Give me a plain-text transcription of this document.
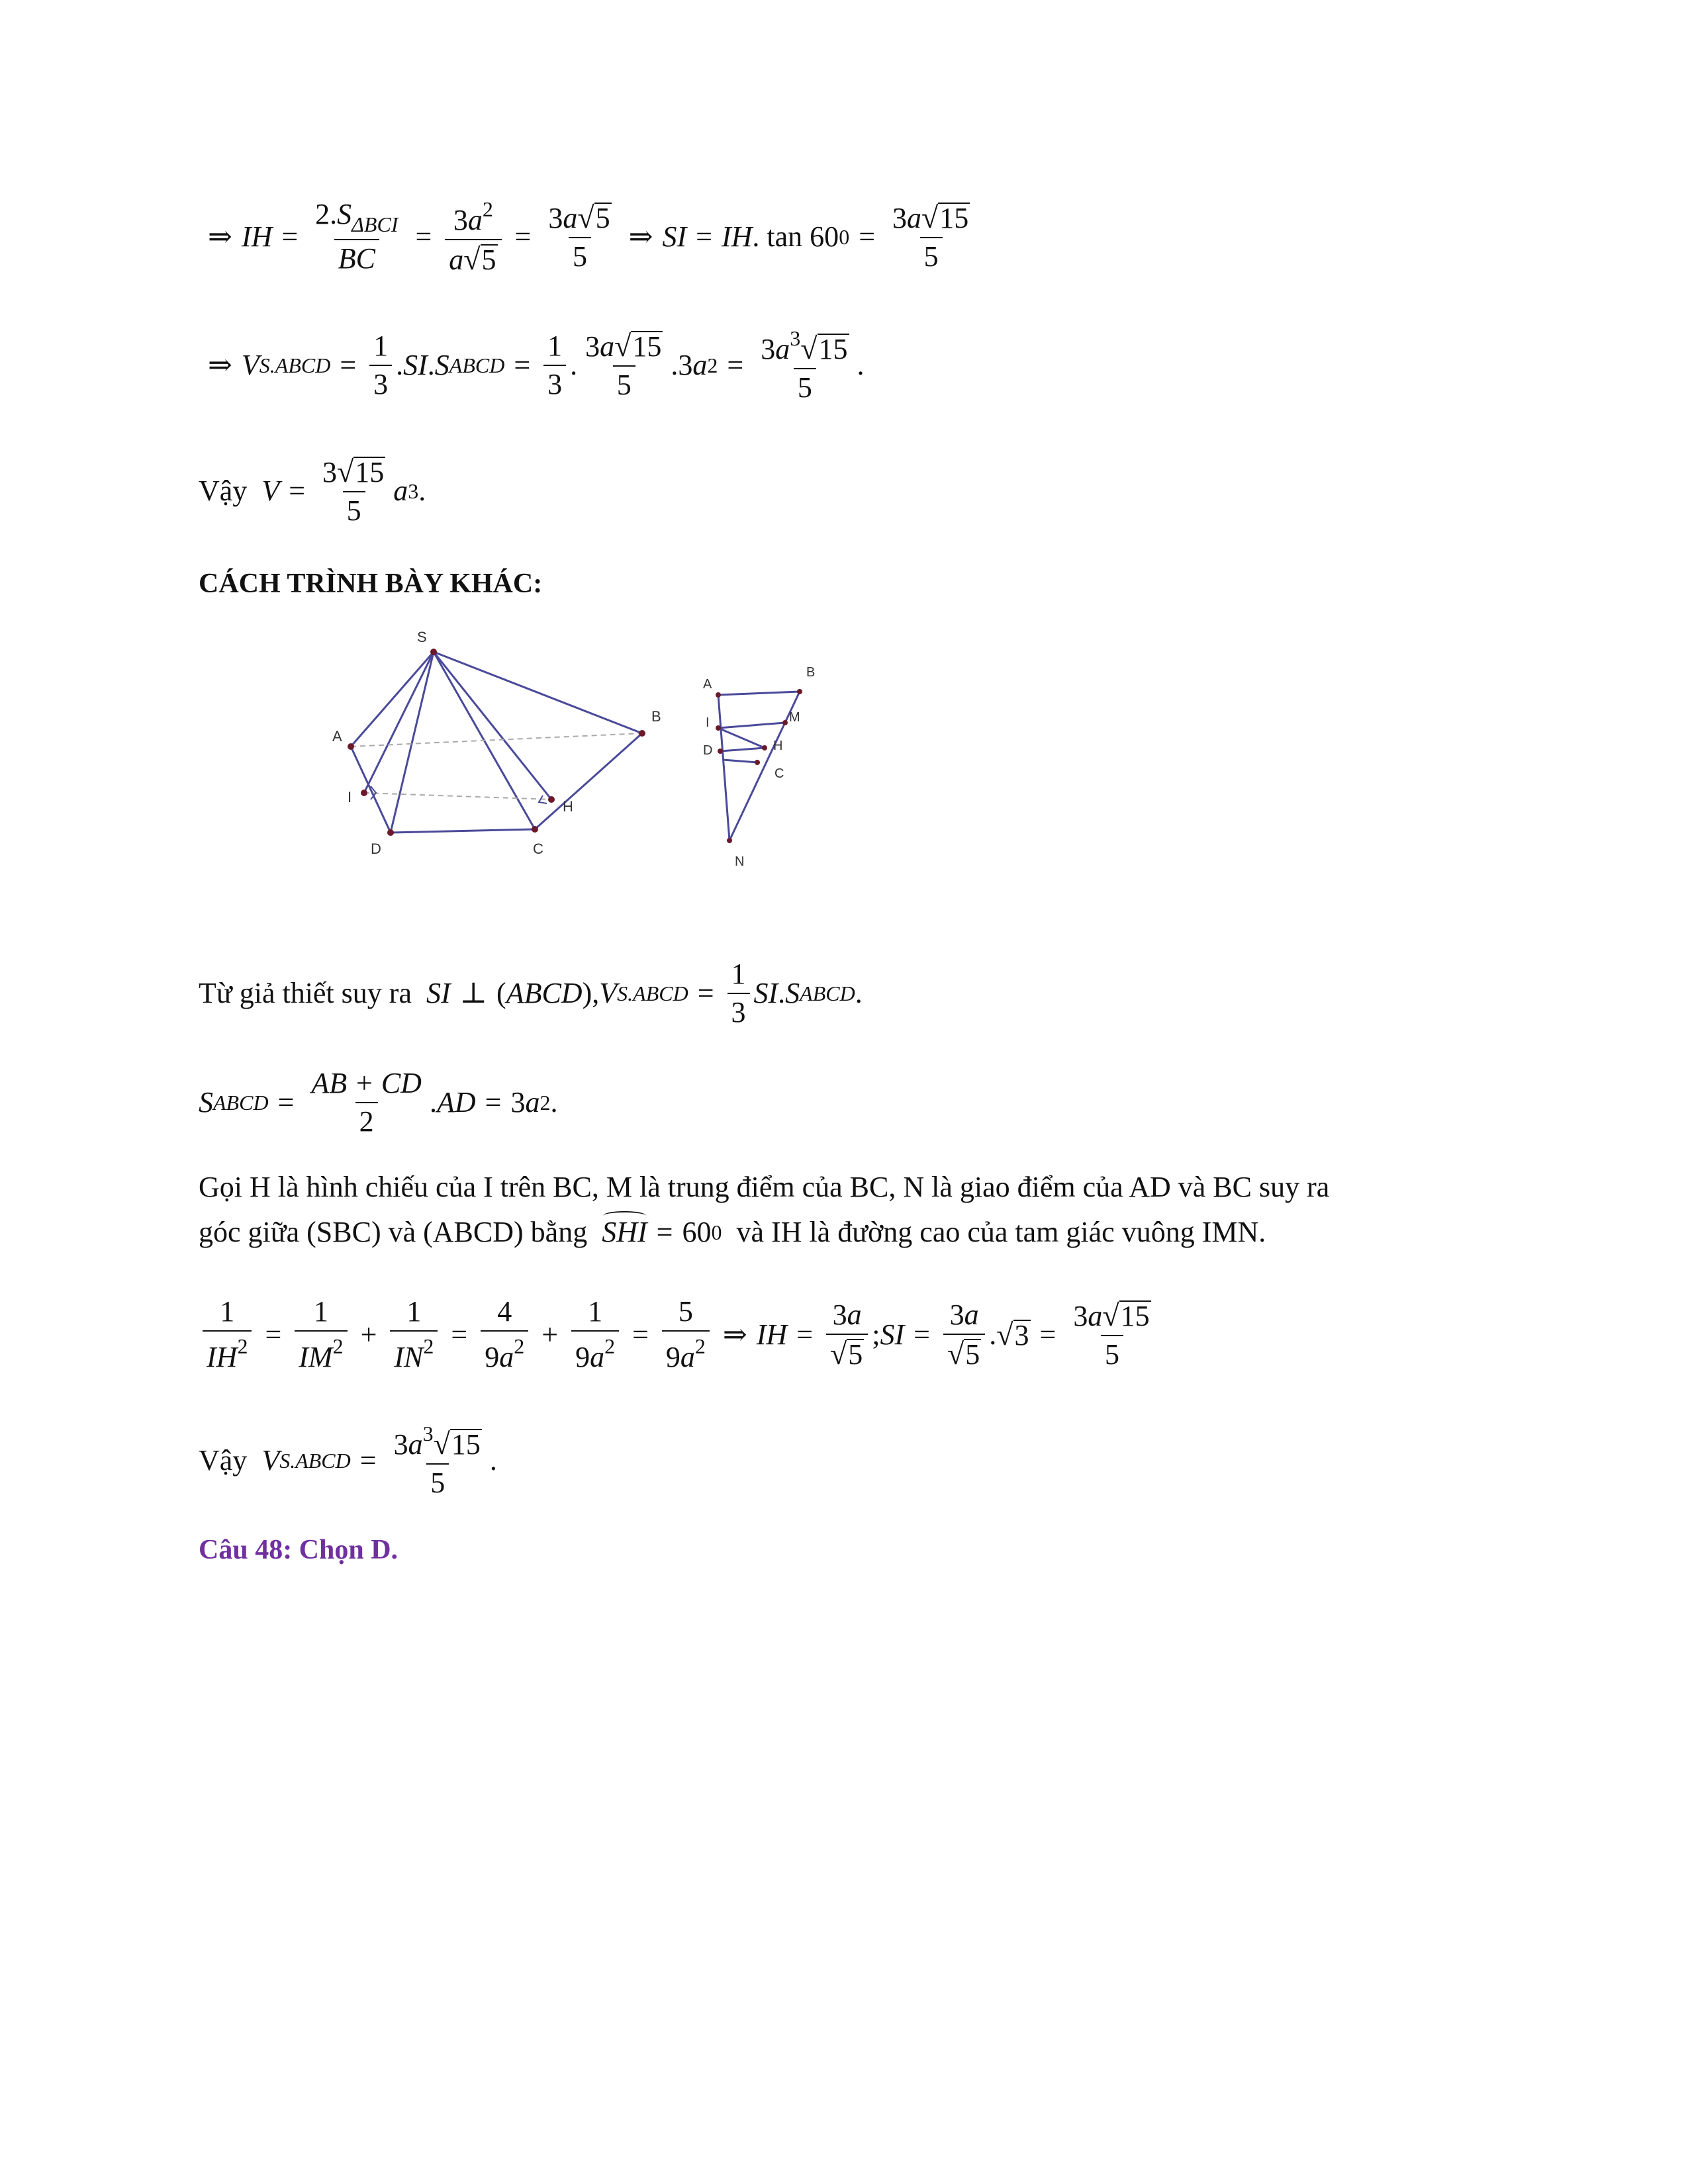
⇒ IH = $\frac{2.S_{\Delta BCI}}{BC} = \frac{3a^2}{a √ 5} = \frac{3a √ 5}{5}$ ⇒ SI = IH . tan 60 $0 = \frac{3a √ 15}{5}$
⇒ V S.ABCD = $\frac{1}{3}$ . SI . S ABCD = $\frac{1}{3}$ . $\frac{3a √ 15}{5} .3$ a $2 = \frac{3a^3 √ 15}{5}$ .
Vậy
$V = \frac{3 √ 15}{5}$ a 3 .
CÁCH TRÌNH BÀY KHÁC:
S
A
B
I
H
D	C
A
B
I	M
H
D
C
N
Từ giả thiết suy ra
SI ⊥ ( ABCD ), V S.ABCD = $\frac{1}{3}$ SI . S ABCD .
S ABCD = $\frac{AB + CD}{2}$ . AD = 3 a 2 .
Gọi H là hình chiếu của I trên BC, M là trung điểm của BC, N là giao điểm của AD và BC suy ra
góc giữa (SBC) và (ABCD) bằng
SHI = 60 0
và IH là đường cao của tam giác vuông IMN.
$\frac{1}{IH^2} = \frac{1}{IM^2} + \frac{1}{IN^2} = \frac{4}{9a^2} + \frac{1}{9a^2} = \frac{5}{9a^2}$ ⇒ IH = $\frac{3a}{√ 5}$ ; SI = $\frac{3a}{√ 5}$ . √ $3 = \frac{3a √ 15}{5}$
Vậy
V S.ABCD = $\frac{3a^3 √ 15}{5}$ .
Câu 48: Chọn D.
